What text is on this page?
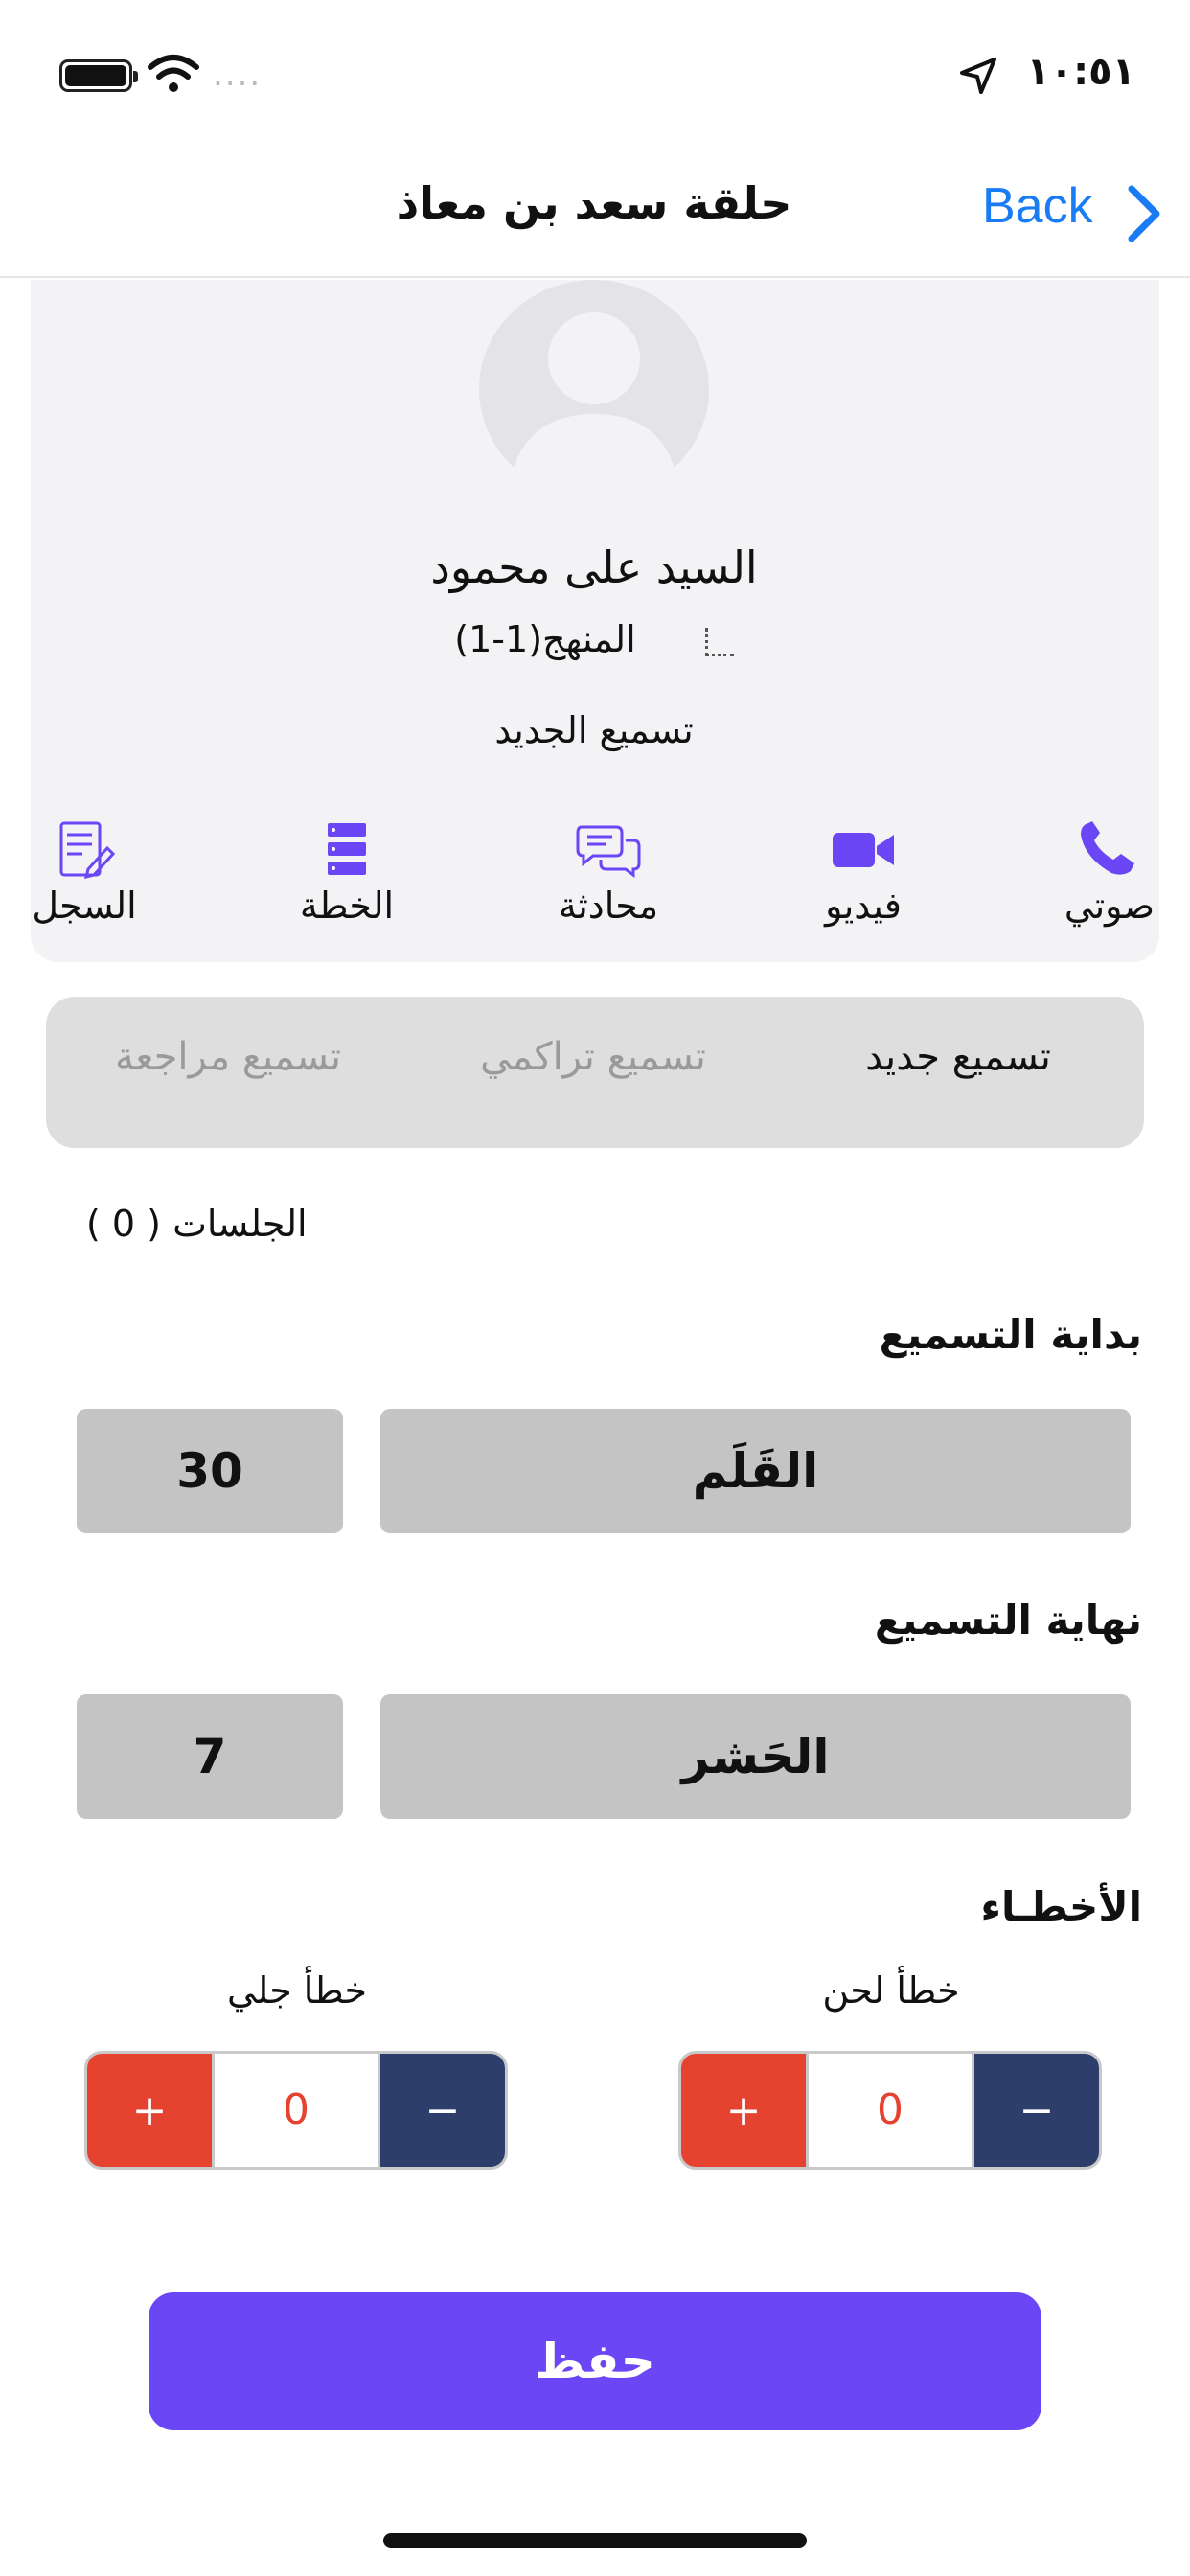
....	١٠:٥١
حلقة سعد بن معاذ	Back
السيد على محمود
المنهج(1-1)
تسميع الجديد
صوتي
فيديو
محادثة
الخطة
السجل
تسميع جديد
تسميع تراكمي
تسميع مراجعة
الجلسات ( 0 )
بداية التسميع
القَلَم
30
نهاية التسميع
الحَشر
7
الأخطـاء
خطأ لحن
+	0	−
خطأ جلي
+	0	−
حفظ
